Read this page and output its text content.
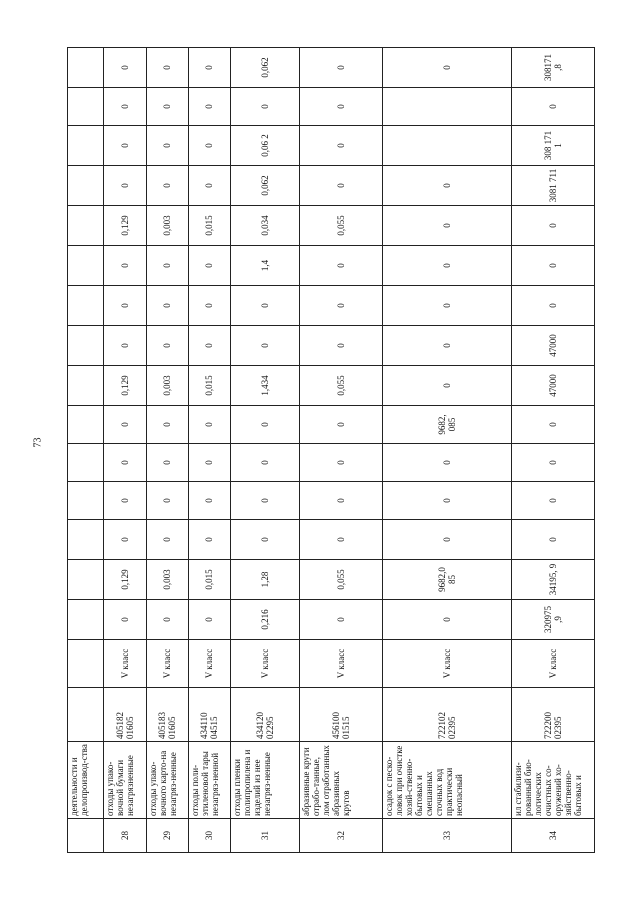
73
	деятельности и делопроизвод-ства																	
28	отходы упако-вочной бумаги незагрязненные	405182 01605	V класс	0	0,129	0	0	0	0	0,129	0	0	0	0,129	0	0	0	0
29	отходы упако-вочного карто-на незагряз-ненные	405183 01605	V класс	0	0,003	0	0	0	0	0,003	0	0	0	0,003	0	0	0	0
30	отходы поли-этиленовой тары незагряз-ненной	434110 04515	V класс	0	0,015	0	0	0	0	0,015	0	0	0	0,015	0	0	0	0
31	отходы пленки полипропилена и изделий из нее незагряз-ненные	434120 02295	V класс	0,216	1,28	0	0	0	0	1,434	0	0	1,4	0,034	0,062	0,06 2	0	0,062
32	абразивные круги отрабо-танные, лом отработанных абразивных кругов	456100 01515	V класс	0	0,055	0	0	0	0	0,055	0	0	0	0,055	0	0	0	0
33	осадок с песко-ловок при очистке хозяй-ственно-бытовых и смешанных сточных вод практически неопасный	722102 02395	V класс	0	9682,0 85	0	0	0	9682, 085	0	0	0	0	0	0			0
34	ил стабилизи-рованный био-логических очистных со-оружений хо-зяйственно-бытовых и	722200 02395	V класс	320975 ,9	34195, 9	0	0	0	0	47000	47000	0	0	0	3081 711	308 171 1	0	308171 ,8
